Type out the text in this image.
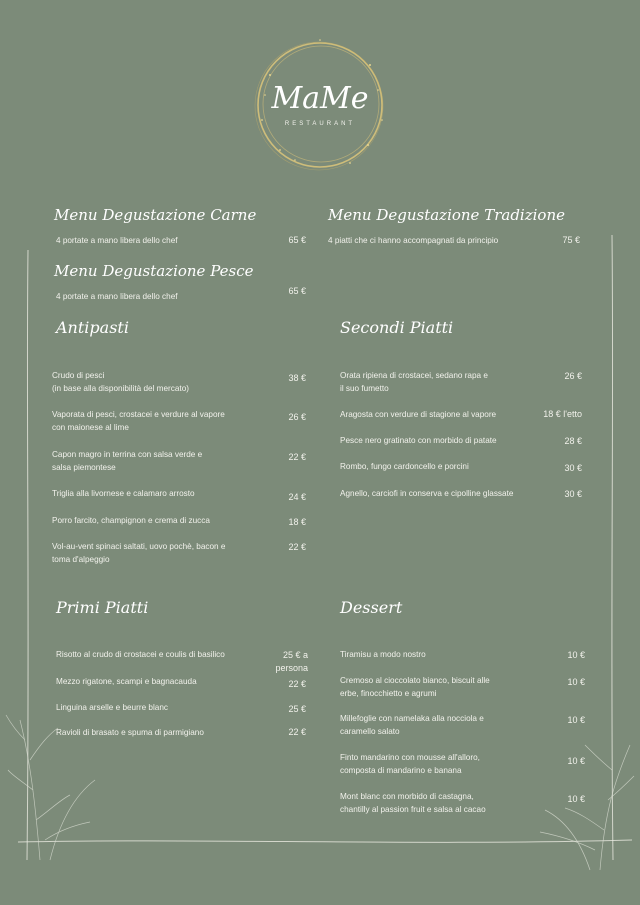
MaMe
RESTAURANT
Menu Degustazione Carne
4 portate a mano libera dello chef	65 €
Menu Degustazione Tradizione
4 piatti che ci hanno accompagnati da principio	75 €
Menu Degustazione Pesce
4 portate a mano libera dello chef
65 €
Antipasti	Secondi Piatti
Primi Piatti	Dessert
Crudo di pesci
(in base alla disponibilità del mercato)
38 €
Vaporata di pesci, crostacei e verdure al vapore
con maionese al lime
26 €
Capon magro in terrina con salsa verde e
salsa piemontese
22 €
Triglia alla livornese e calamaro arrosto	24 €
Porro farcito, champignon e crema di zucca	18 €
Vol-au-vent spinaci saltati, uovo pochè, bacon e
toma d'alpeggio
22 €
Orata ripiena di crostacei, sedano rapa e
il suo fumetto
26 €
Aragosta con verdure di stagione al vapore	18 € l'etto
Pesce nero gratinato con morbido di patate	28 €
Rombo, fungo cardoncello e porcini	30 €
Agnello, carciofi in conserva e cipolline glassate	30 €
Risotto al crudo di crostacei e coulis di basilico	25 € a persona
Mezzo rigatone, scampi e bagnacauda	22 €
Linguina arselle e beurre blanc	25 €
Ravioli di brasato e spuma di parmigiano	22 €
Tiramisu a modo nostro	10 €
Cremoso al cioccolato bianco, biscuit alle
erbe, finocchietto e agrumi
10 €
Millefoglie con namelaka alla nocciola e
caramello salato
10 €
Finto mandarino con mousse all'alloro,
composta di mandarino e banana
10 €
Mont blanc con morbido di castagna,
chantilly al passion fruit e salsa al cacao
10 €
